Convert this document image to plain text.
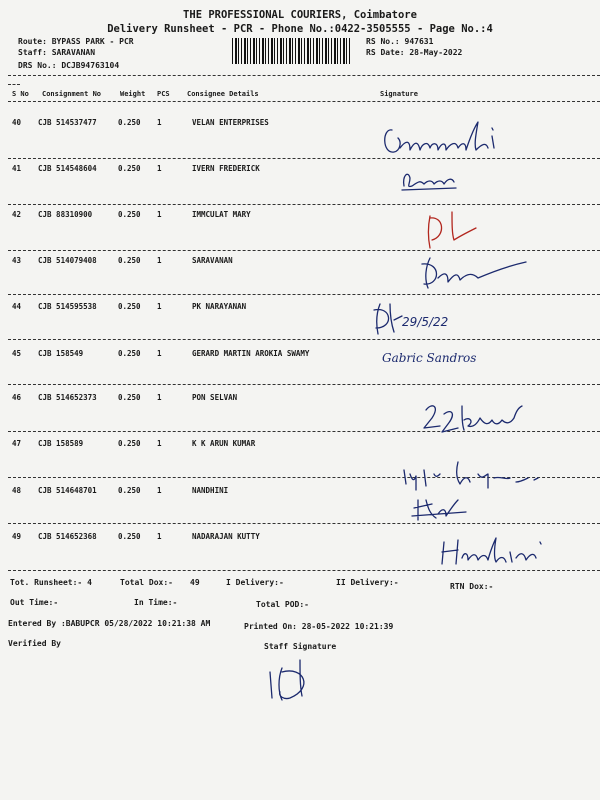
THE PROFESSIONAL COURIERS, Coimbatore
Delivery Runsheet - PCR - Phone No.:0422-3505555 - Page No.:4
Route: BYPASS PARK - PCR
Staff: SARAVANAN
DRS No.: DCJB94763104
RS No.: 947631
RS Date: 28-May-2022
S No Consignment No	Weight PCS Consignee Details	Signature
40 CJB 514537477	0.250 1	VELAN ENTERPRISES
41 CJB 514548604	0.250 1	IVERN FREDERICK
42 CJB 88310900	0.250 1	IMMCULAT MARY
43 CJB 514079408	0.250 1	SARAVANAN
44 CJB 514595538	0.250 1	PK NARAYANAN
45 CJB 158549	0.250 1	GERARD MARTIN AROKIA SWAMY
46 CJB 514652373	0.250 1	PON SELVAN
47 CJB 158589	0.250 1	K K ARUN KUMAR
48 CJB 514648701	0.250 1	NANDHINI
49 CJB 514652368	0.250 1	NADARAJAN KUTTY
29/5/22
Gabric Sandros
Tot. Runsheet:- 4	Total Dox:- 49	I Delivery:-	II Delivery:-	RTN Dox:-
Out Time:-	In Time:-	Total POD:-
Entered By :BABUPCR 05/28/2022 10:21:38 AM	Printed On: 28-05-2022 10:21:39
Verified By	Staff Signature
